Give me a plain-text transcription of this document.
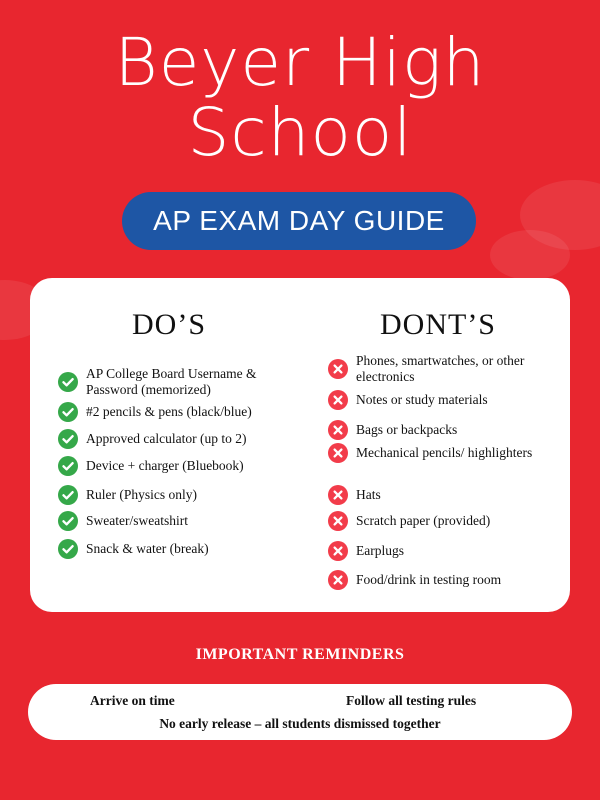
Beyer High
School
AP EXAM DAY GUIDE
DO’S	DONT’S
AP College Board Username & Password (memorized)
#2 pencils & pens (black/blue)
Approved calculator (up to 2)
Device + charger (Bluebook)
Ruler (Physics only)
Sweater/sweatshirt
Snack & water (break)
Phones, smartwatches, or other electronics
Notes or study materials
Bags or backpacks
Mechanical pencils/ highlighters
Hats
Scratch paper (provided)
Earplugs
Food/drink in testing room
IMPORTANT REMINDERS
Arrive on time	Follow all testing rules
No early release – all students dismissed together
